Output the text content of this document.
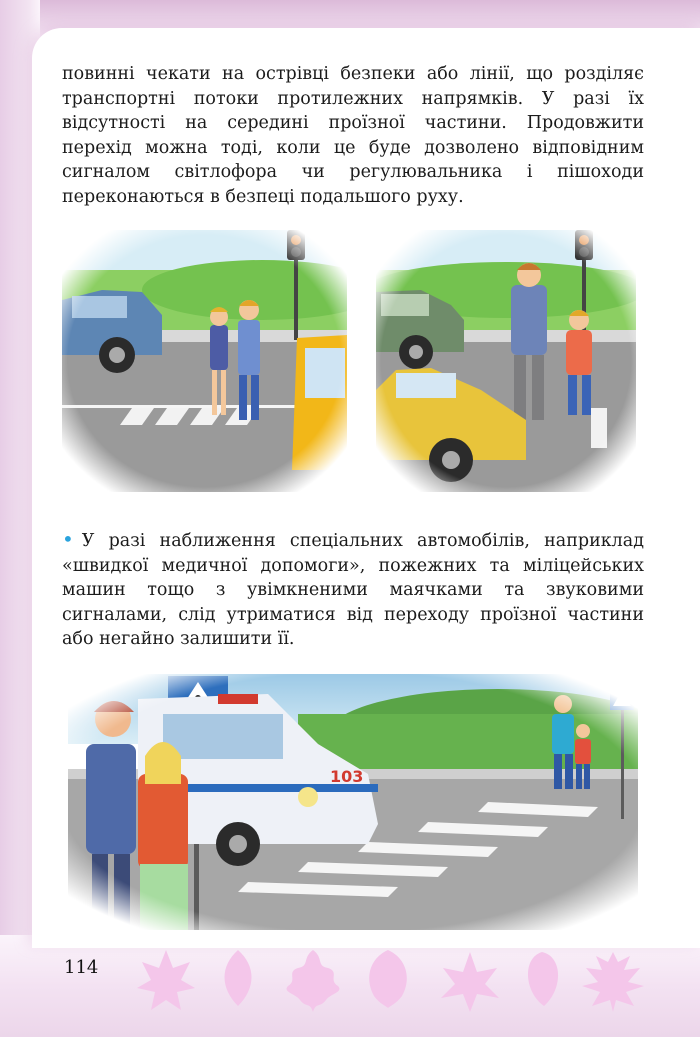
повинні чекати на острівці безпеки або лінії, що розділяє транспортні потоки протилежних напрямків. У разі їх відсутності на середині проїзної частини. Продовжити перехід можна тоді, коли це буде дозволено відповідним сигналом світлофора чи регулювальника і пішоходи переконаються в безпеці подальшого руху.

• У разі наближення спеціальних автомобілів, наприклад «швидкої медичної допомоги», пожежних та міліцейських машин тощо з увімкненими маячками та звуковими сигналами, слід утриматися від переходу проїзної частини або негайно залишити її.

114
